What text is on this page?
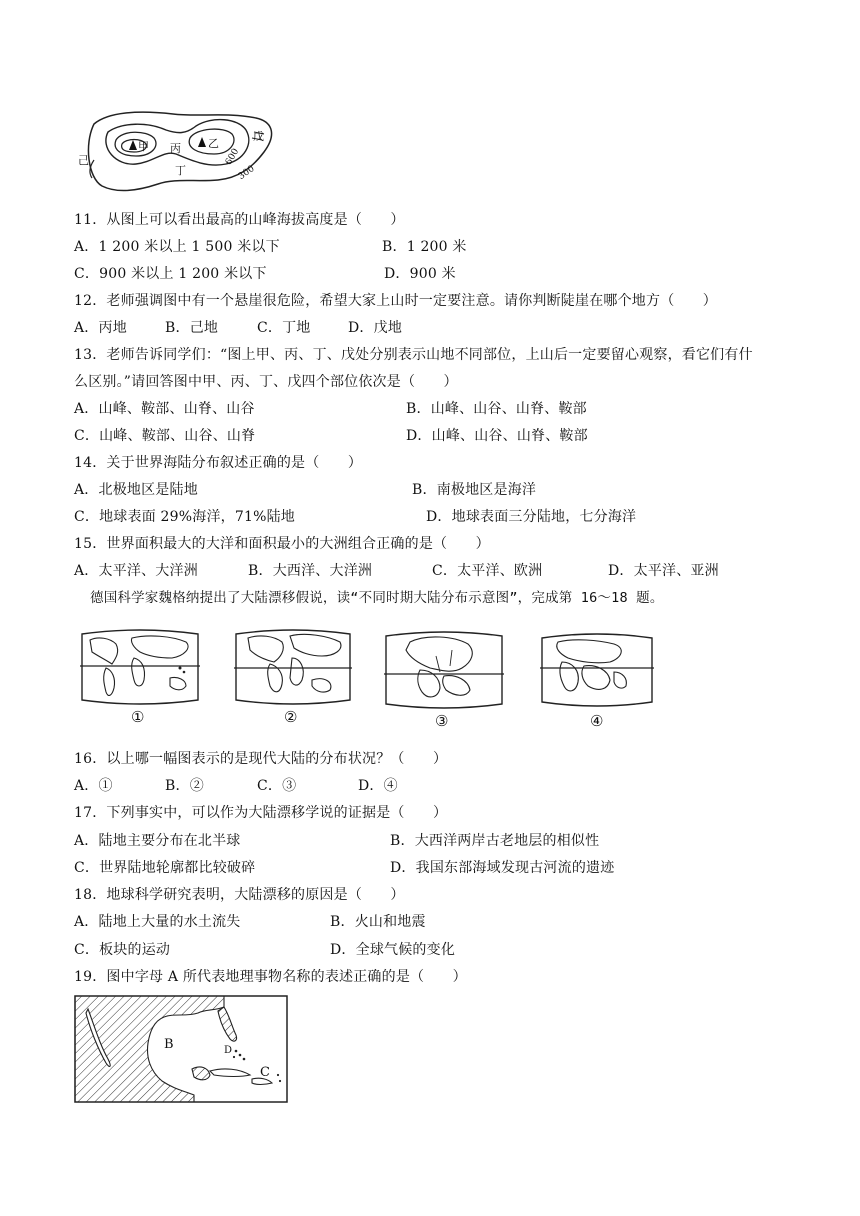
甲	乙
丙
丁
戊
己	600
300
11．从图上可以看出最高的山峰海拔高度是（　　）
A．1 200 米以上 1 500 米以下	B．1 200 米
C．900 米以上 1 200 米以下	D．900 米
12．老师强调图中有一个悬崖很危险，希望大家上山时一定要注意。请你判断陡崖在哪个地方（　　）
A．丙地	B．己地	C．丁地	D．戊地
13．老师告诉同学们：“图上甲、丙、丁、戊处分别表示山地不同部位，上山后一定要留心观察，看它们有什
么区别。”请回答图中甲、丙、丁、戊四个部位依次是（　　）
A．山峰、鞍部、山脊、山谷	B．山峰、山谷、山脊、鞍部
C．山峰、鞍部、山谷、山脊	D．山峰、山谷、山脊、鞍部
14．关于世界海陆分布叙述正确的是（　　）
A．北极地区是陆地	B．南极地区是海洋
C．地球表面 29%海洋，71%陆地	D．地球表面三分陆地，七分海洋
15．世界面积最大的大洋和面积最小的大洲组合正确的是（　　）
A．太平洋、大洋洲	B．大西洋、大洋洲	C．太平洋、欧洲	D．太平洋、亚洲
德国科学家魏格纳提出了大陆漂移假说，读“不同时期大陆分布示意图”，完成第 16～18 题。
①	②	③	④
16．以上哪一幅图表示的是现代大陆的分布状况？（　　）
A．①	B．②	C．③	D．④
17．下列事实中，可以作为大陆漂移学说的证据是（　　）
A．陆地主要分布在北半球	B．大西洋两岸古老地层的相似性
C．世界陆地轮廓都比较破碎	D．我国东部海域发现古河流的遗迹
18．地球科学研究表明，大陆漂移的原因是（　　）
A．陆地上大量的水土流失	B．火山和地震
C．板块的运动	D．全球气候的变化
19．图中字母 A 所代表地理事物名称的表述正确的是（　　）
B	D
C
